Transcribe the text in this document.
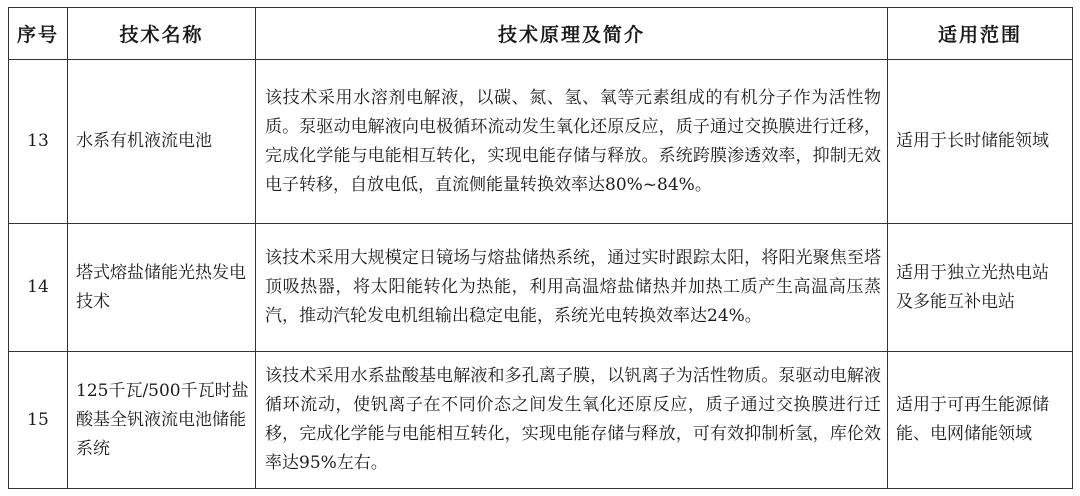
序号	技术名称	技术原理及简介	适用范围
13	水系有机液流电池	该技术采用水溶剂电解液，以碳、氮、氢、氧等元素组成的有机分子作为活性物质。泵驱动电解液向电极循环流动发生氧化还原反应，质子通过交换膜进行迁移，完成化学能与电能相互转化，实现电能存储与释放。系统跨膜渗透效率，抑制无效电子转移，自放电低，直流侧能量转换效率达80%~84%。	适用于长时储能领域
14	塔式熔盐储能光热发电技术	该技术采用大规模定日镜场与熔盐储热系统，通过实时跟踪太阳，将阳光聚焦至塔顶吸热器，将太阳能转化为热能，利用高温熔盐储热并加热工质产生高温高压蒸汽，推动汽轮发电机组输出稳定电能，系统光电转换效率达24%。	适用于独立光热电站及多能互补电站
15	125千瓦/500千瓦时盐酸基全钒液流电池储能系统	该技术采用水系盐酸基电解液和多孔离子膜，以钒离子为活性物质。泵驱动电解液循环流动，使钒离子在不同价态之间发生氧化还原反应，质子通过交换膜进行迁移，完成化学能与电能相互转化，实现电能存储与释放，可有效抑制析氢，库伦效率达95%左右。	适用于可再生能源储能、电网储能领域
